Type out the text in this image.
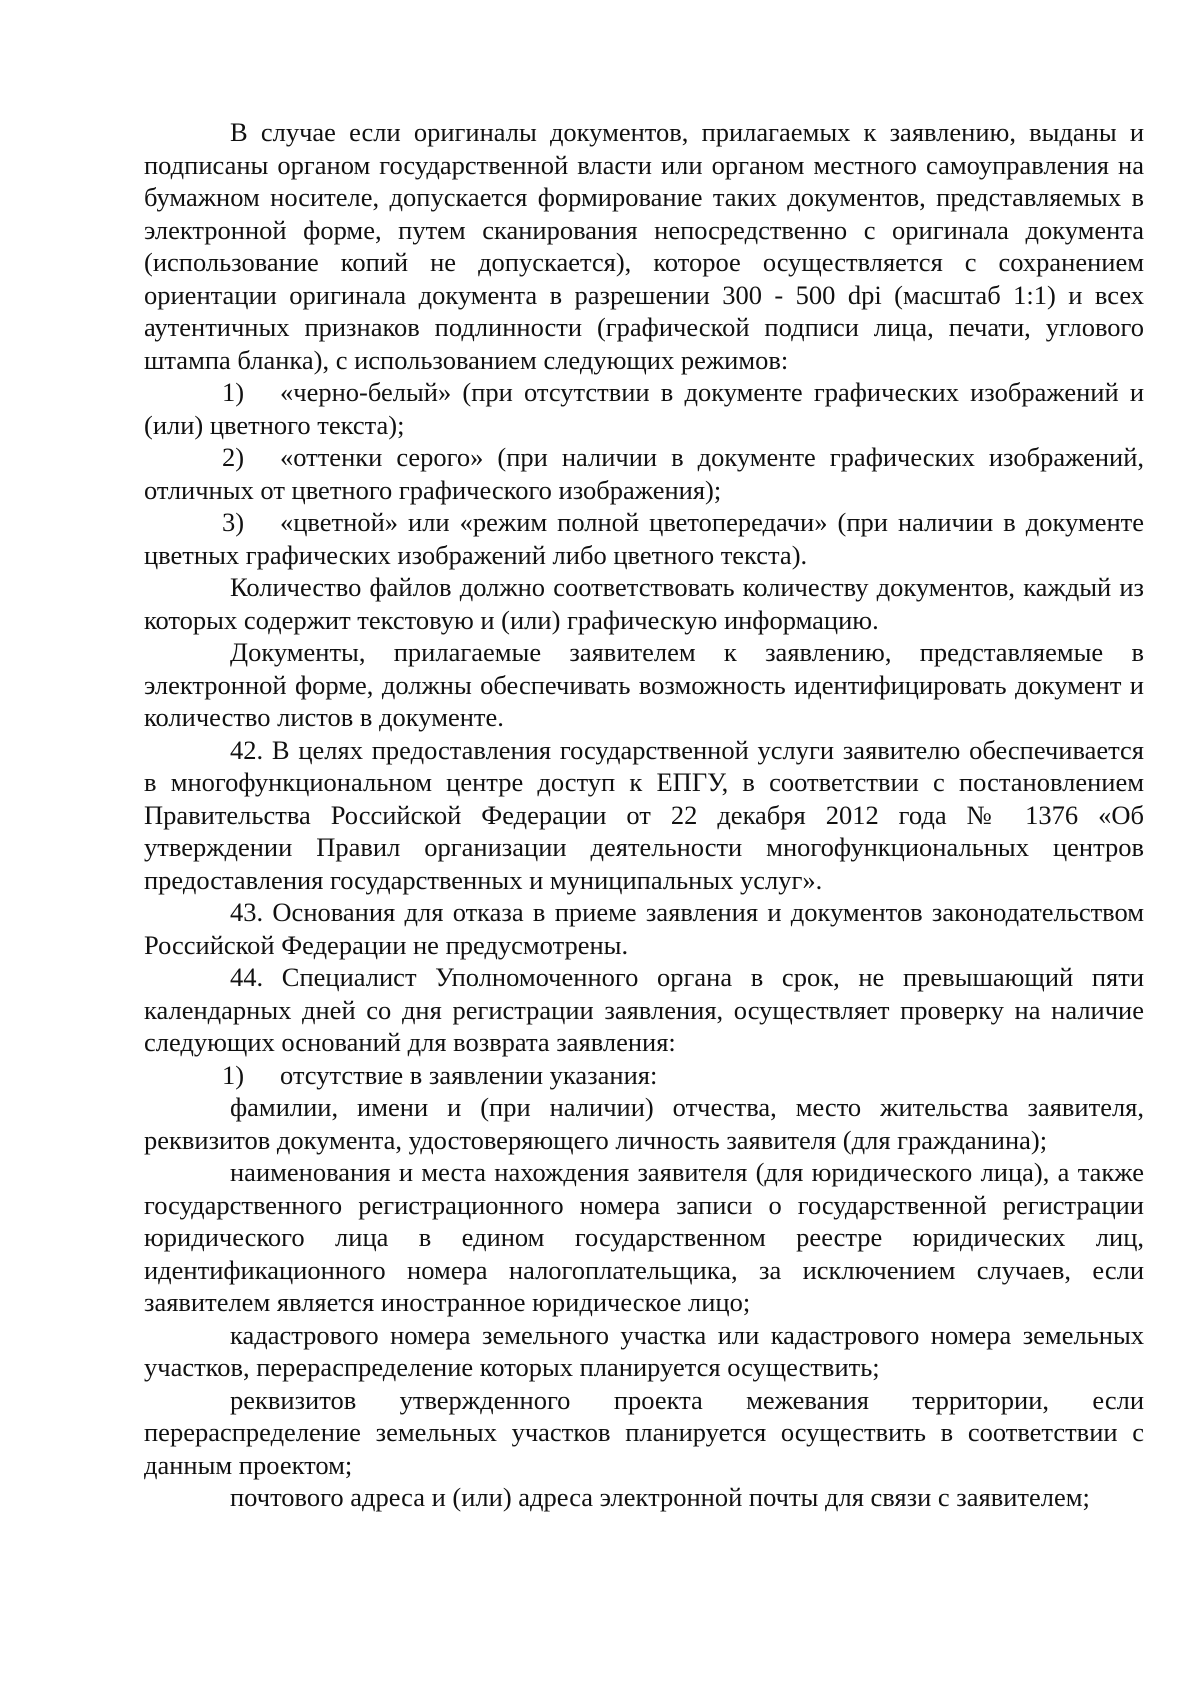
В случае если оригиналы документов, прилагаемых к заявлению, выданы и подписаны органом государственной власти или органом местного самоуправления на бумажном носителе, допускается формирование таких документов, представляемых в электронной форме, путем сканирования непосредственно с оригинала документа (использование копий не допускается), которое осуществляется с сохранением ориентации оригинала документа в разрешении 300 - 500 dpi (масштаб 1:1) и всех аутентичных признаков подлинности (графической подписи лица, печати, углового штампа бланка), с использованием следующих режимов:

1) «черно-белый» (при отсутствии в документе графических изображений и (или) цветного текста);

2) «оттенки серого» (при наличии в документе графических изображений, отличных от цветного графического изображения);

3) «цветной» или «режим полной цветопередачи» (при наличии в документе цветных графических изображений либо цветного текста).

Количество файлов должно соответствовать количеству документов, каждый из которых содержит текстовую и (или) графическую информацию.

Документы, прилагаемые заявителем к заявлению, представляемые в электронной форме, должны обеспечивать возможность идентифицировать документ и количество листов в документе.

42. В целях предоставления государственной услуги заявителю обеспечивается в многофункциональном центре доступ к ЕПГУ, в соответствии с постановлением Правительства Российской Федерации от 22 декабря 2012 года № 1376 «Об утверждении Правил организации деятельности многофункциональных центров предоставления государственных и муниципальных услуг».

43. Основания для отказа в приеме заявления и документов законодательством Российской Федерации не предусмотрены.

44. Специалист Уполномоченного органа в срок, не превышающий пяти календарных дней со дня регистрации заявления, осуществляет проверку на наличие следующих оснований для возврата заявления:

1) отсутствие в заявлении указания:

фамилии, имени и (при наличии) отчества, место жительства заявителя, реквизитов документа, удостоверяющего личность заявителя (для гражданина);

наименования и места нахождения заявителя (для юридического лица), а также государственного регистрационного номера записи о государственной регистрации юридического лица в едином государственном реестре юридических лиц, идентификационного номера налогоплательщика, за исключением случаев, если заявителем является иностранное юридическое лицо;

кадастрового номера земельного участка или кадастрового номера земельных участков, перераспределение которых планируется осуществить;

реквизитов утвержденного проекта межевания территории, если перераспределение земельных участков планируется осуществить в соответствии с данным проектом;

почтового адреса и (или) адреса электронной почты для связи с заявителем;
